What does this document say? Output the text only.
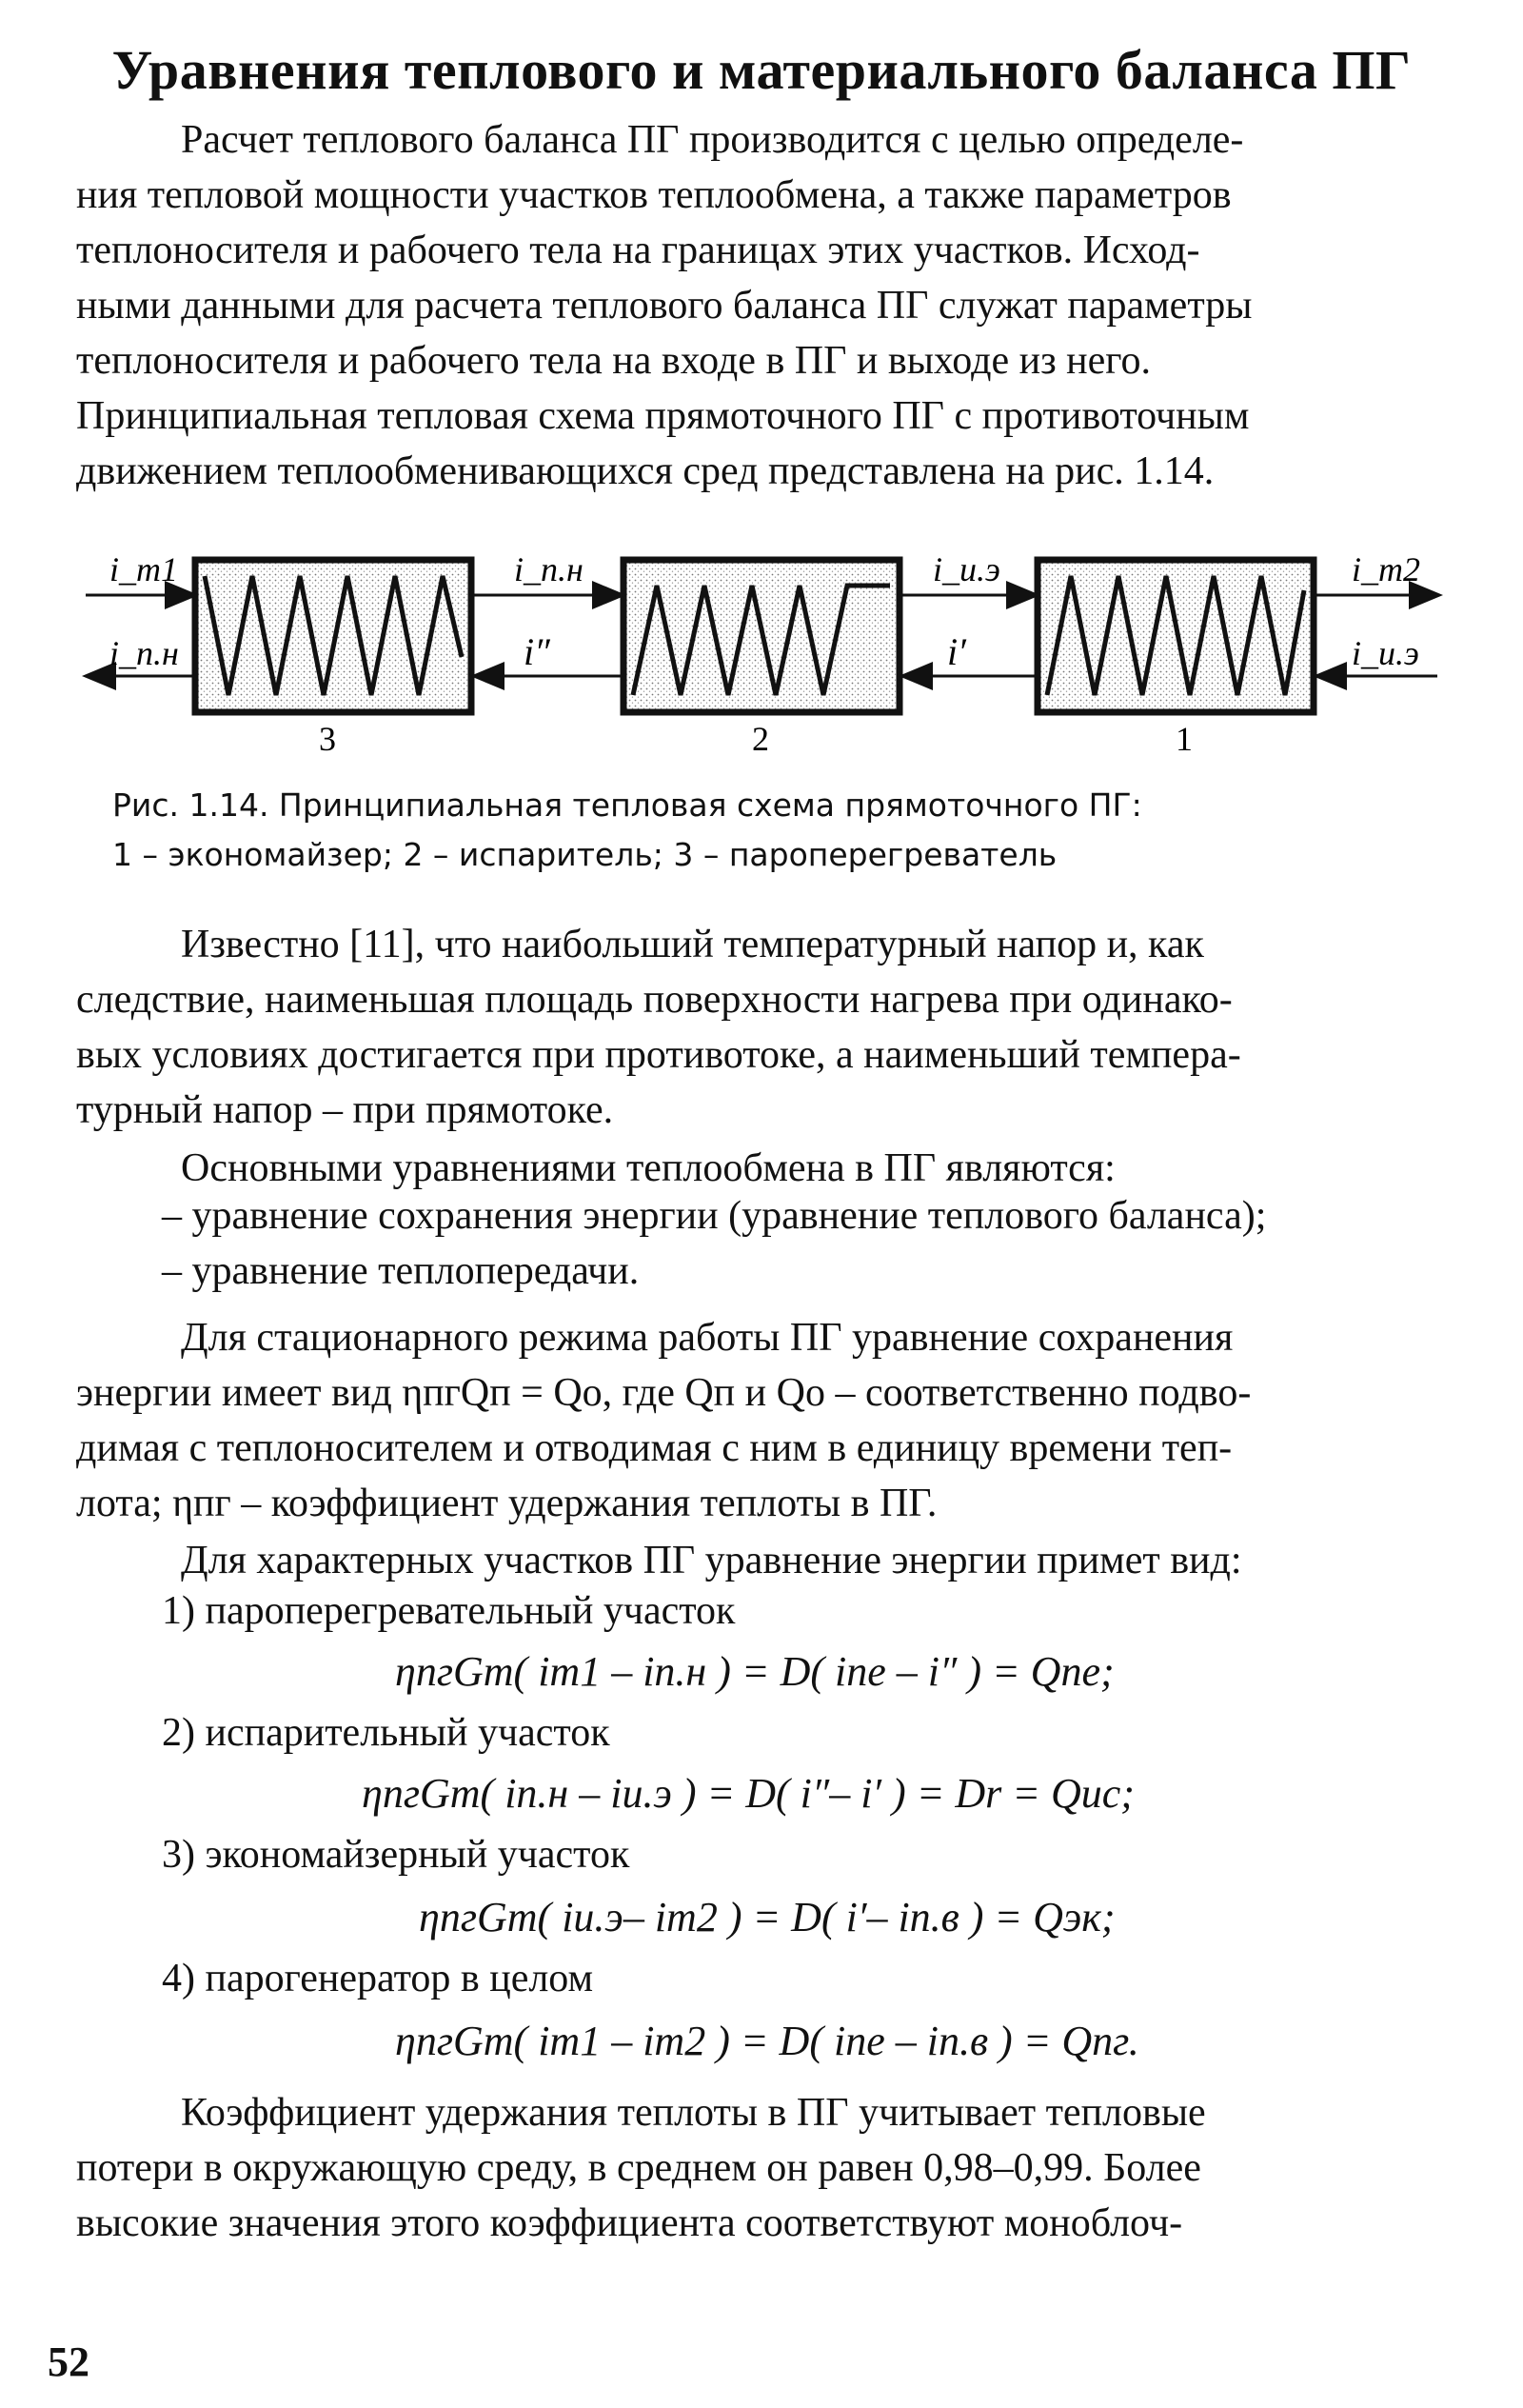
Уравнения теплового и материального баланса ПГ
Расчет теплового баланса ПГ производится с целью определе-
ния тепловой мощности участков теплообмена, а также параметров
теплоносителя и рабочего тела на границах этих участков. Исход-
ными данными для расчета теплового баланса ПГ служат параметры
теплоносителя и рабочего тела на входе в ПГ и выходе из него.
Принципиальная тепловая схема прямоточного ПГ с противоточным
движением теплообменивающихся сред представлена на рис. 1.14.
i_т1	i_п.н	i_и.э	i_т2
i_п.н	i″	i′	i_и.э
3	2	1
Рис. 1.14. Принципиальная тепловая схема прямоточного ПГ:
1 – экономайзер; 2 – испаритель; 3 – пароперегреватель
Известно [11], что наибольший температурный напор и, как
следствие, наименьшая площадь поверхности нагрева при одинако-
вых условиях достигается при противотоке, а наименьший темпера-
турный напор – при прямотоке.
Основными уравнениями теплообмена в ПГ являются:
– уравнение сохранения энергии (уравнение теплового баланса);
– уравнение теплопередачи.
Для стационарного режима работы ПГ уравнение сохранения
энергии имеет вид ηпгQп = Qо, где Qп и Qо – соответственно подво-
димая с теплоносителем и отводимая с ним в единицу времени теп-
лота; ηпг – коэффициент удержания теплоты в ПГ.
Для характерных участков ПГ уравнение энергии примет вид:
1) пароперегревательный участок
ηпгGт( iт1 – iп.н ) = D( iпе – i″ ) = Qпе;
2) испарительный участок
ηпгGт( iп.н – iи.э ) = D( i″– i′ ) = Dr = Qис;
3) экономайзерный участок
ηпгGт( iи.э– iт2 ) = D( i′– iп.в ) = Qэк;
4) парогенератор в целом
ηпгGт( iт1 – iт2 ) = D( iпе – iп.в ) = Qпг.
Коэффициент удержания теплоты в ПГ учитывает тепловые
потери в окружающую среду, в среднем он равен 0,98–0,99. Более
высокие значения этого коэффициента соответствуют моноблоч-
52
